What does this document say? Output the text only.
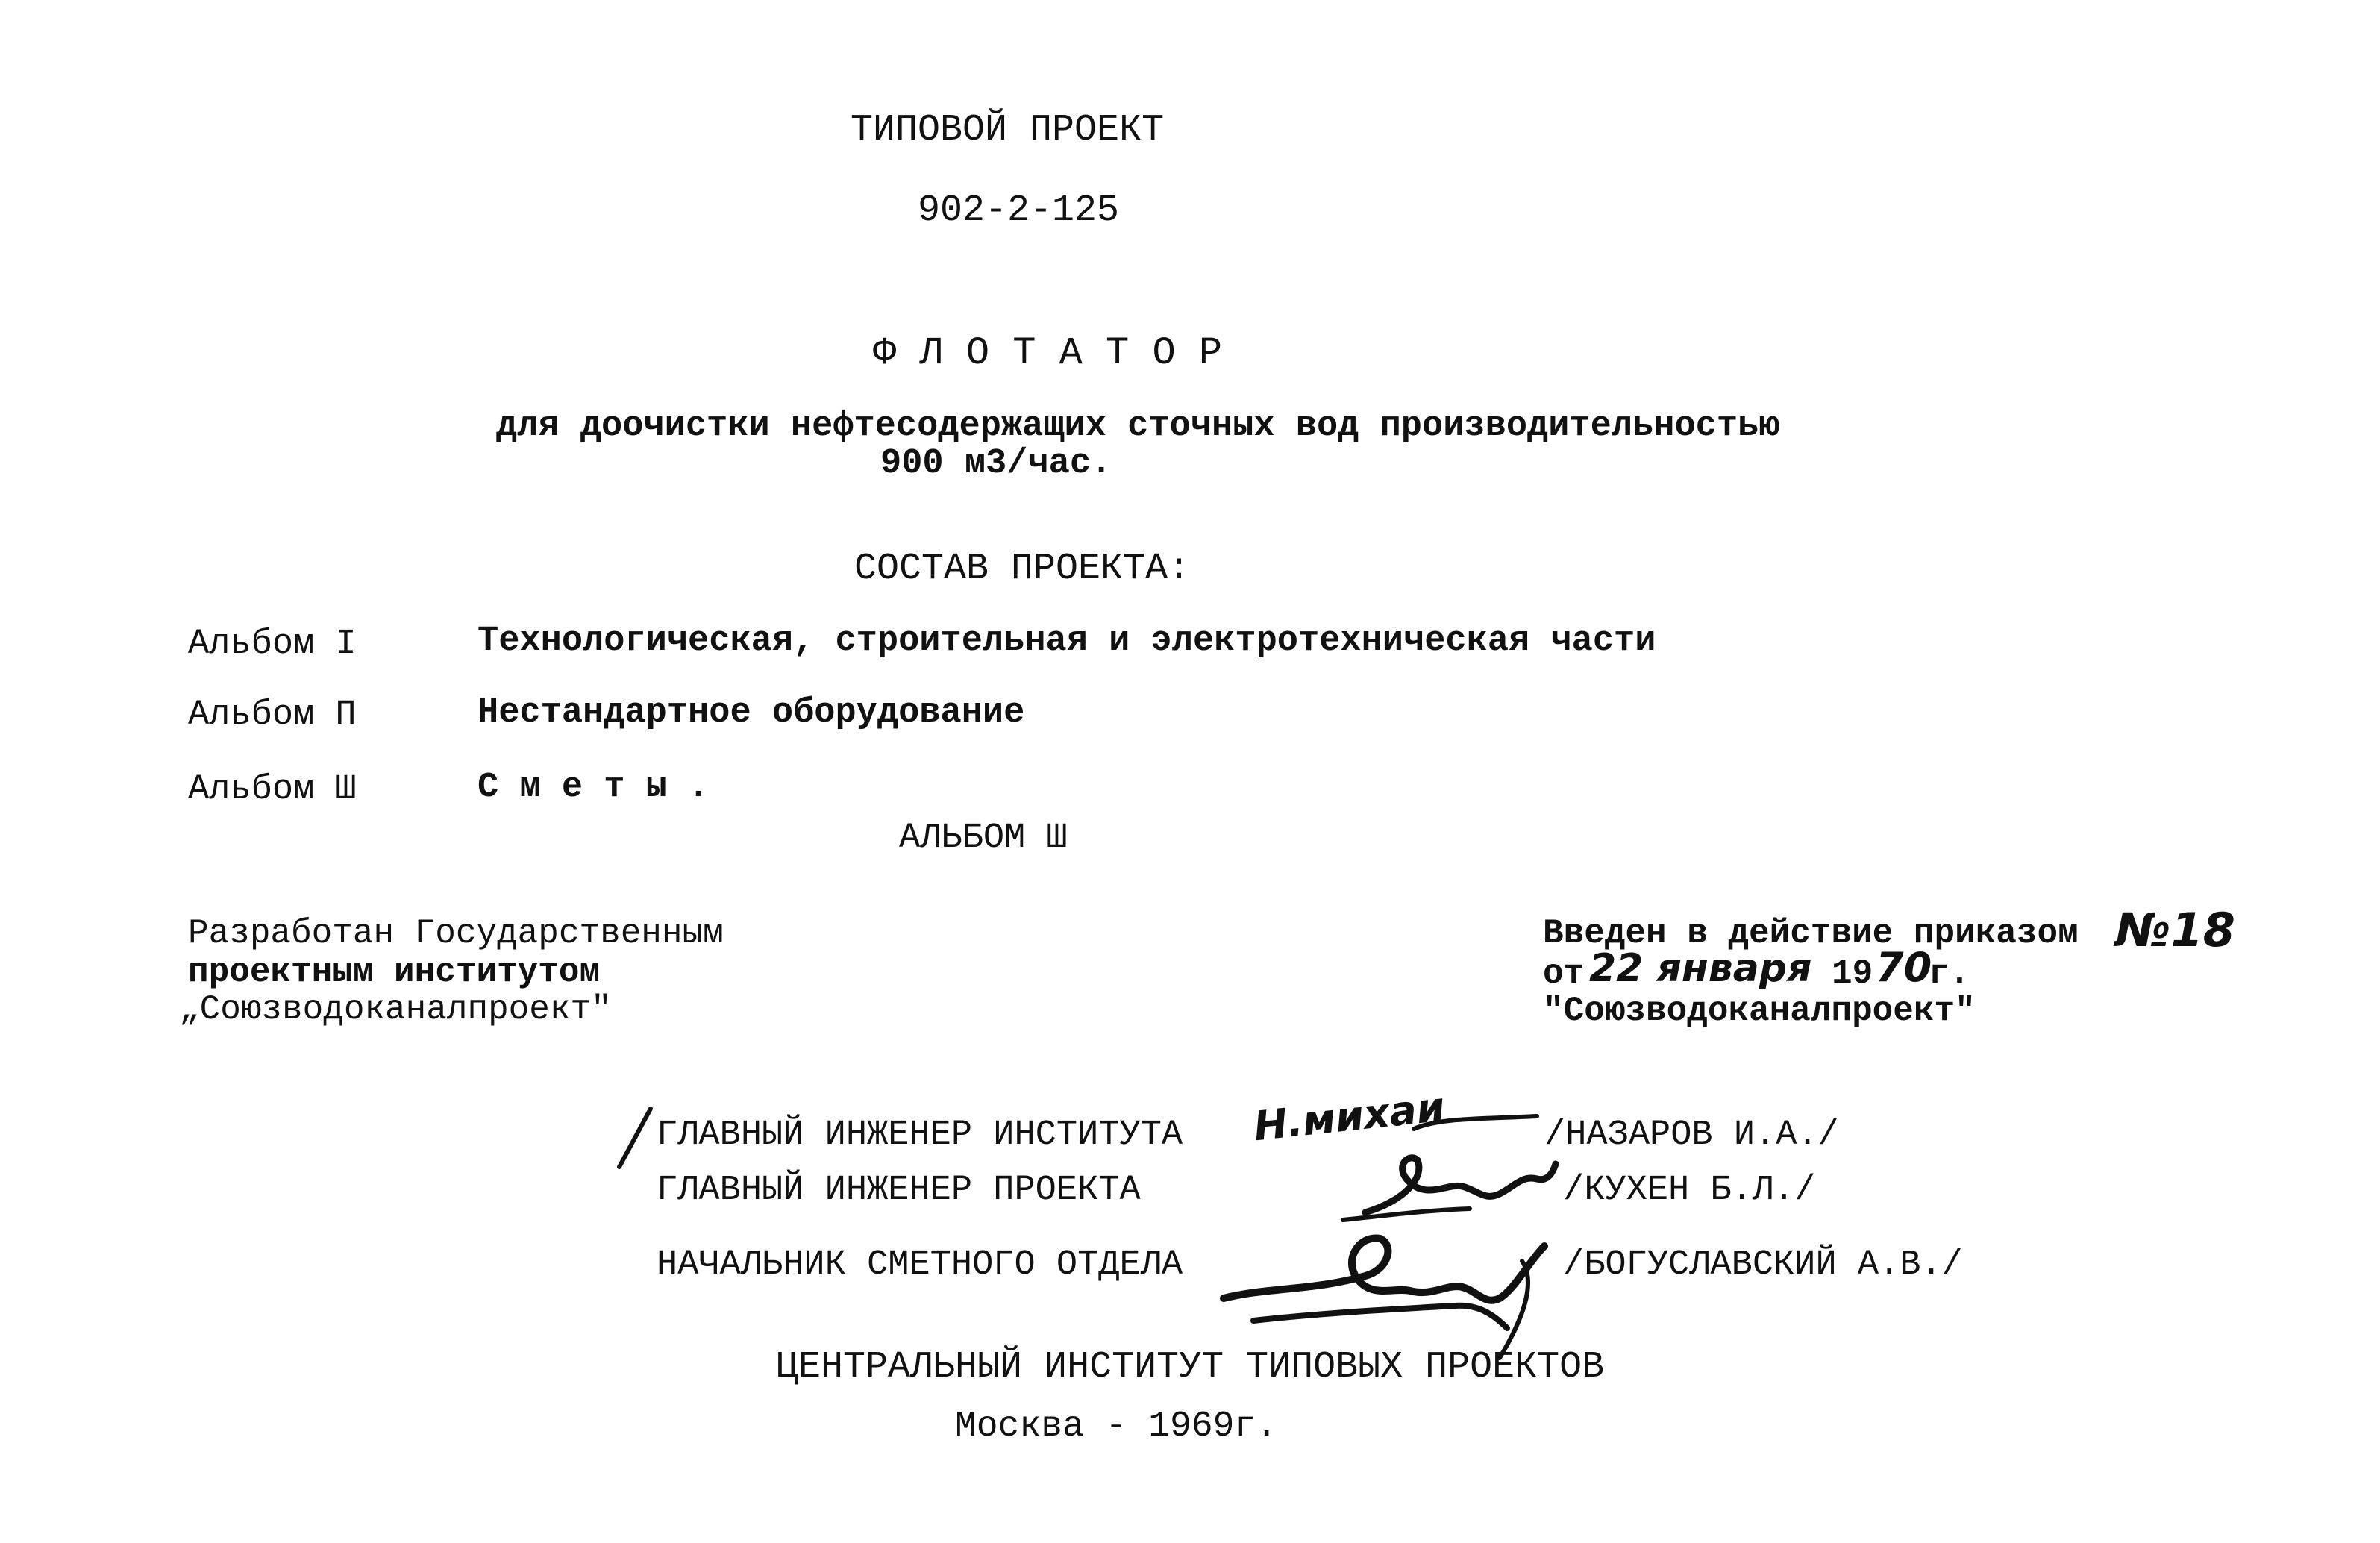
ТИПОВОЙ ПРОЕКТ
902-2-125
Ф Л О Т А Т О Р
для доочистки нефтесодержащих сточных вод производительностью
900 м3/час.
СОСТАВ ПРОЕКТА:
Альбом I	Технологическая, строительная и электротехническая части
Альбом П	Нестандартное оборудование
Альбом Ш	С м е т ы .
АЛЬБОМ Ш
Разработан Государственным
проектным институтом
„Союзводоканалпроект"
Введен в действие приказом №18
от 22 января 19 70
г.
"Союзводоканалпроект"
ГЛАВНЫЙ ИНЖЕНЕР ИНСТИТУТА	/НАЗАРОВ И.А./
ГЛАВНЫЙ ИНЖЕНЕР ПРОЕКТА	/КУХЕН Б.Л./
НАЧАЛЬНИК СМЕТНОГО ОТДЕЛА	/БОГУСЛАВСКИЙ А.В./
Н.михаи
ЦЕНТРАЛЬНЫЙ ИНСТИТУТ ТИПОВЫХ ПРОЕКТОВ
Москва - 1969г.
